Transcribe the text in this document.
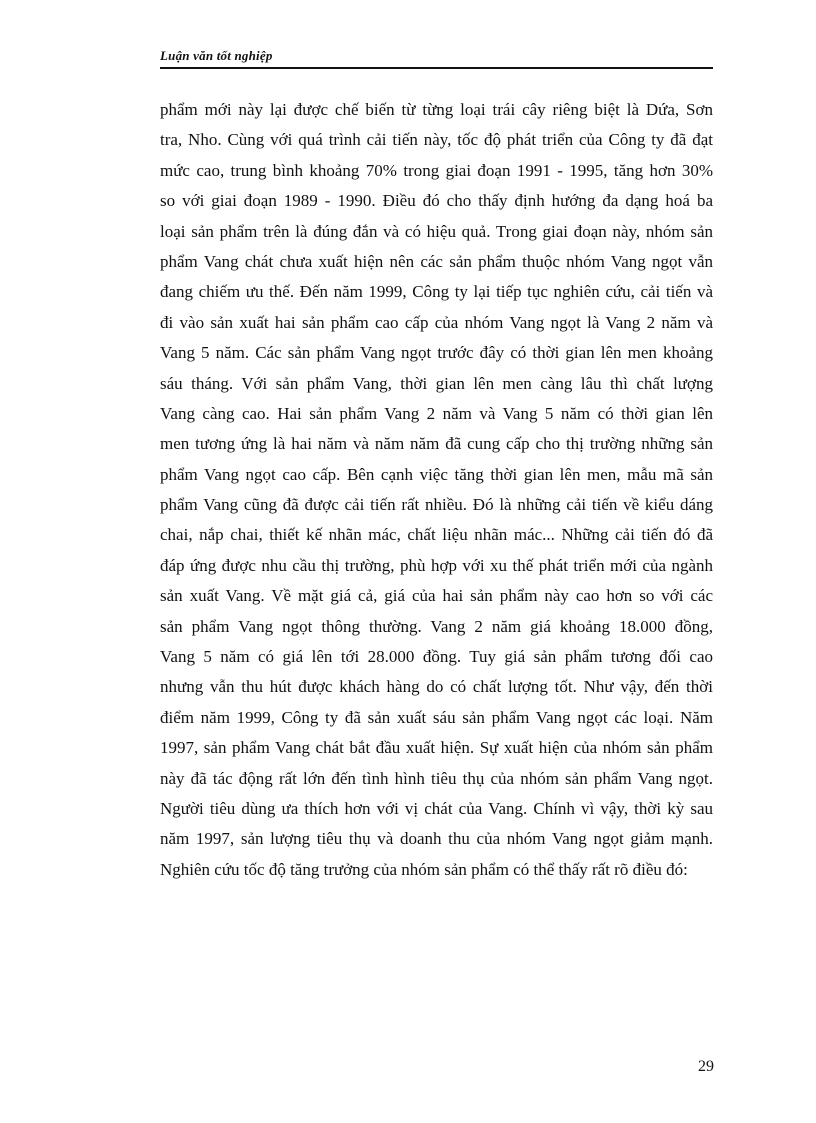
Luận văn tốt nghiệp
phẩm mới này lại được chế biến từ từng loại trái cây riêng biệt là Dứa, Sơn
tra, Nho. Cùng với quá trình cải tiến này, tốc độ phát triển của Công ty đã đạt
mức cao, trung bình khoảng 70% trong giai đoạn 1991 - 1995, tăng hơn 30%
so với giai đoạn 1989 - 1990. Điều đó cho thấy định hướng đa dạng hoá ba
loại sản phẩm trên là đúng đắn và có hiệu quả. Trong giai đoạn này, nhóm sản
phẩm Vang chát chưa xuất hiện nên các sản phẩm thuộc nhóm Vang ngọt vẫn
đang chiếm ưu thế. Đến năm 1999, Công ty lại tiếp tục nghiên cứu, cải tiến và
đi vào sản xuất hai sản phẩm cao cấp của nhóm Vang ngọt là Vang 2 năm và
Vang 5 năm. Các sản phẩm Vang ngọt trước đây có thời gian lên men khoảng
sáu tháng. Với sản phẩm Vang, thời gian lên men càng lâu thì chất lượng
Vang càng cao. Hai sản phẩm Vang 2 năm và Vang 5 năm có thời gian lên
men tương ứng là hai năm và năm năm đã cung cấp cho thị trường những sản
phẩm Vang ngọt cao cấp. Bên cạnh việc tăng thời gian lên men, mẫu mã sản
phẩm Vang cũng đã được cải tiến rất nhiều. Đó là những cải tiến về kiểu dáng
chai, nắp chai, thiết kế nhãn mác, chất liệu nhãn mác... Những cải tiến đó đã
đáp ứng được nhu cầu thị trường, phù hợp với xu thế phát triển mới của ngành
sản xuất Vang. Về mặt giá cả, giá của hai sản phẩm này cao hơn so với các
sản phẩm Vang ngọt thông thường. Vang 2 năm giá khoảng 18.000 đồng,
Vang 5 năm có giá lên tới 28.000 đồng. Tuy giá sản phẩm tương đối cao
nhưng vẫn thu hút được khách hàng do có chất lượng tốt. Như vậy, đến thời
điểm năm 1999, Công ty đã sản xuất sáu sản phẩm Vang ngọt các loại. Năm
1997, sản phẩm Vang chát bắt đầu xuất hiện. Sự xuất hiện của nhóm sản phẩm
này đã tác động rất lớn đến tình hình tiêu thụ của nhóm sản phẩm Vang ngọt.
Người tiêu dùng ưa thích hơn với vị chát của Vang. Chính vì vậy, thời kỳ sau
năm 1997, sản lượng tiêu thụ và doanh thu của nhóm Vang ngọt giảm mạnh.
Nghiên cứu tốc độ tăng trưởng của nhóm sản phẩm có thể thấy rất rõ điều đó:
29
